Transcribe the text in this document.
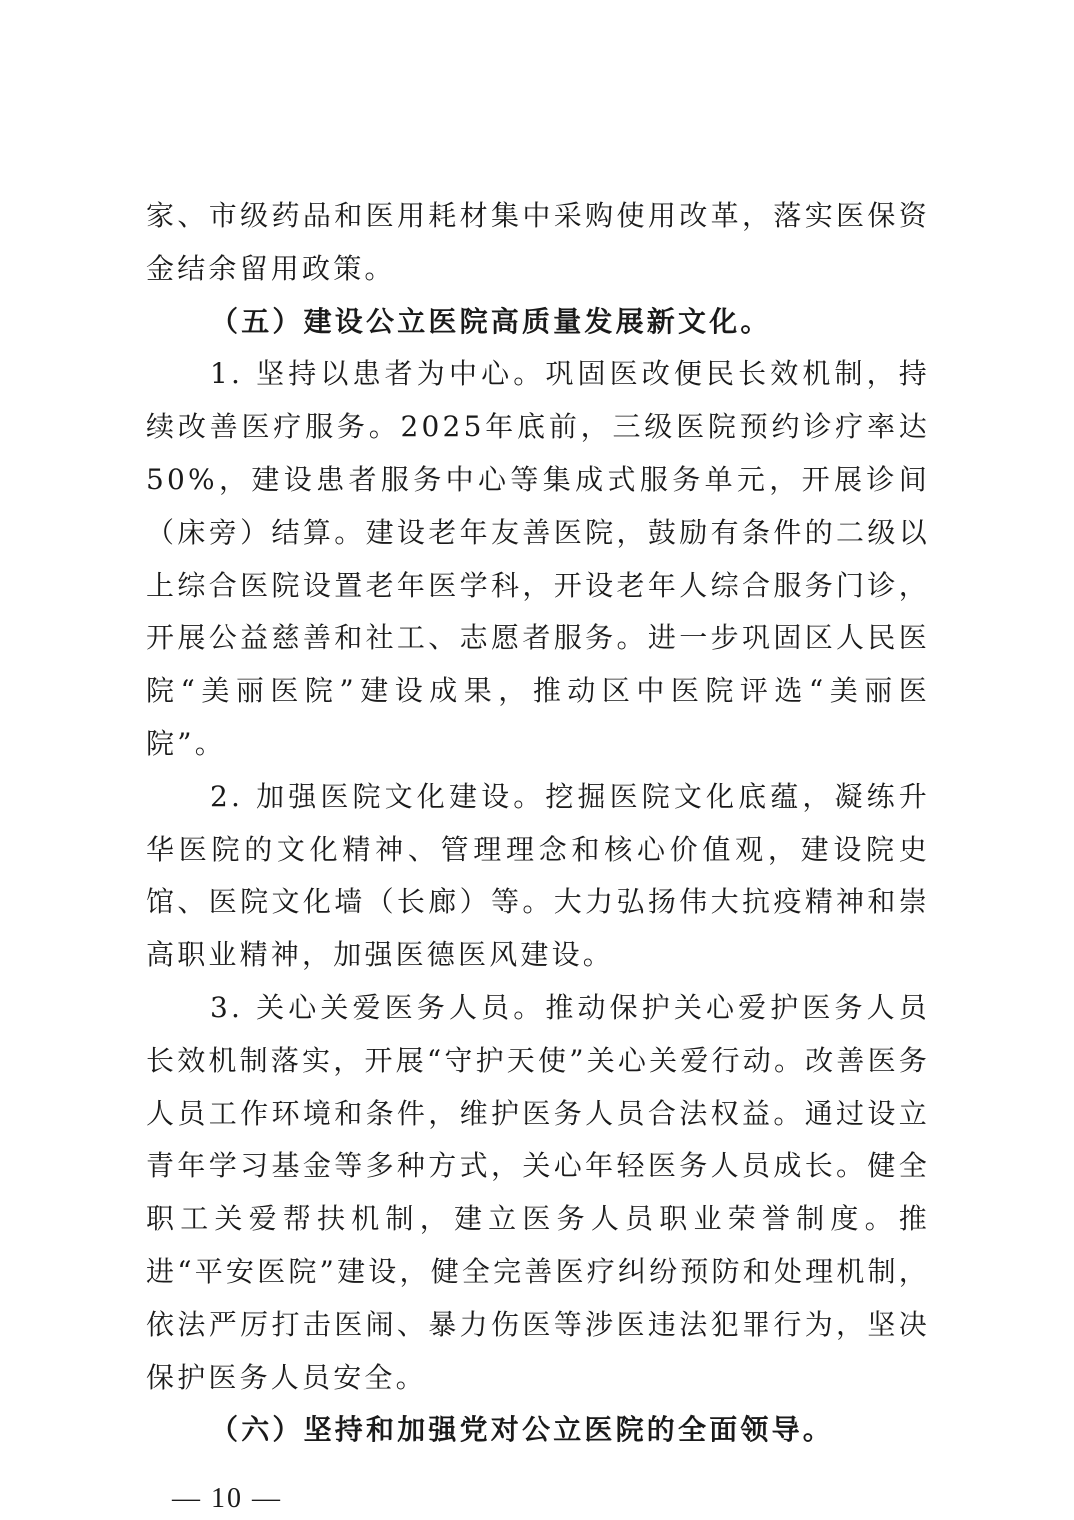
家、市级药品和医用耗材集中采购使用改革，落实医保资金结余留用政策。

（五）建设公立医院高质量发展新文化。

1. 坚持以患者为中心。巩固医改便民长效机制，持续改善医疗服务。2025年底前，三级医院预约诊疗率达50%，建设患者服务中心等集成式服务单元，开展诊间（床旁）结算。建设老年友善医院，鼓励有条件的二级以上综合医院设置老年医学科，开设老年人综合服务门诊，开展公益慈善和社工、志愿者服务。进一步巩固区人民医院“美丽医院”建设成果，推动区中医院评选“美丽医院”。

2. 加强医院文化建设。挖掘医院文化底蕴，凝练升华医院的文化精神、管理理念和核心价值观，建设院史馆、医院文化墙（长廊）等。大力弘扬伟大抗疫精神和崇高职业精神，加强医德医风建设。

3. 关心关爱医务人员。推动保护关心爱护医务人员长效机制落实，开展“守护天使”关心关爱行动。改善医务人员工作环境和条件，维护医务人员合法权益。通过设立青年学习基金等多种方式，关心年轻医务人员成长。健全职工关爱帮扶机制，建立医务人员职业荣誉制度。推进“平安医院”建设，健全完善医疗纠纷预防和处理机制，依法严厉打击医闹、暴力伤医等涉医违法犯罪行为，坚决保护医务人员安全。

（六）坚持和加强党对公立医院的全面领导。

— 10 —
